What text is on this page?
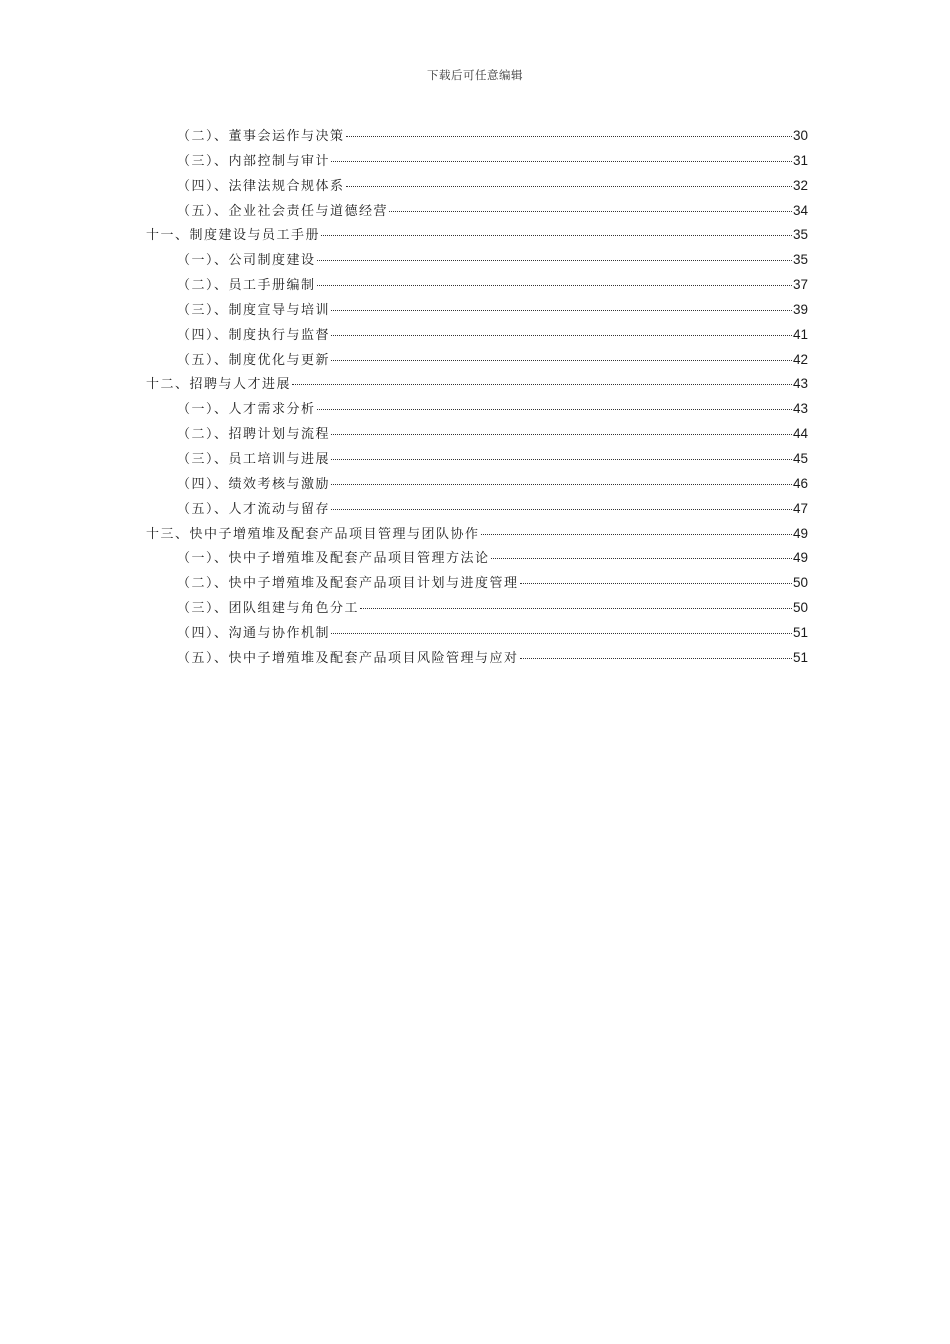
下载后可任意编辑
（二）、董事会运作与决策	30
（三）、内部控制与审计	31
（四）、法律法规合规体系	32
（五）、企业社会责任与道德经营	34
十一、制度建设与员工手册	35
（一）、公司制度建设	35
（二）、员工手册编制	37
（三）、制度宣导与培训	39
（四）、制度执行与监督	41
（五）、制度优化与更新	42
十二、招聘与人才进展	43
（一）、人才需求分析	43
（二）、招聘计划与流程	44
（三）、员工培训与进展	45
（四）、绩效考核与激励	46
（五）、人才流动与留存	47
十三、快中子增殖堆及配套产品项目管理与团队协作	49
（一）、快中子增殖堆及配套产品项目管理方法论	49
（二）、快中子增殖堆及配套产品项目计划与进度管理	50
（三）、团队组建与角色分工	50
（四）、沟通与协作机制	51
（五）、快中子增殖堆及配套产品项目风险管理与应对	51
